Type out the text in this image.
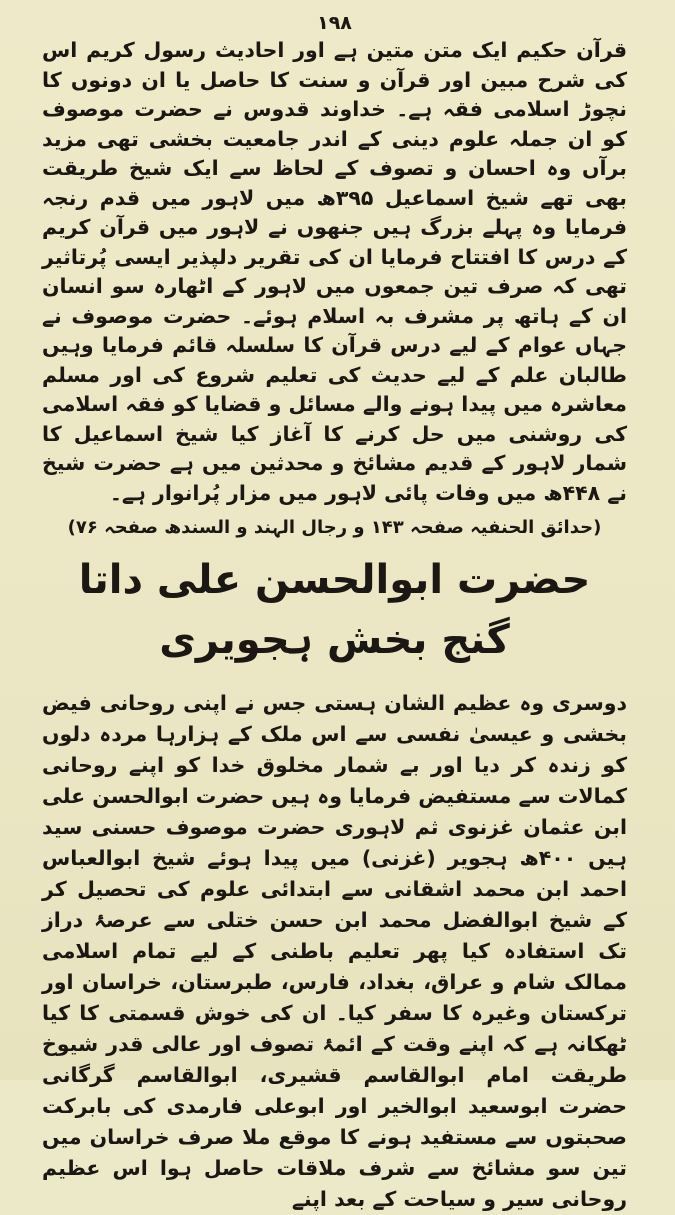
۱۹۸

قرآن حکیم ایک متن متین ہے اور احادیث رسول کریم اس کی شرح مبین اور قرآن و سنت کا حاصل یا ان دونوں کا نچوڑ اسلامی فقہ ہے۔ خداوند قدوس نے حضرت موصوف کو ان جملہ علوم دینی کے اندر جامعیت بخشی تھی مزید برآں وہ احسان و تصوف کے لحاظ سے ایک شیخ طریقت بھی تھے شیخ اسماعیل ۳۹۵ھ میں لاہور میں قدم رنجہ فرمایا وہ پہلے بزرگ ہیں جنھوں نے لاہور میں قرآن کریم کے درس کا افتتاح فرمایا ان کی تقریر دلپذیر ایسی پُرتاثیر تھی کہ صرف تین جمعوں میں لاہور کے اٹھارہ سو انسان ان کے ہاتھ پر مشرف بہ اسلام ہوئے۔ حضرت موصوف نے جہاں عوام کے لیے درس قرآن کا سلسلہ قائم فرمایا وہیں طالبان علم کے لیے حدیث کی تعلیم شروع کی اور مسلم معاشرہ میں پیدا ہونے والے مسائل و قضایا کو فقہ اسلامی کی روشنی میں حل کرنے کا آغاز کیا شیخ اسماعیل کا شمار لاہور کے قدیم مشائخ و محدثین میں ہے حضرت شیخ نے ۴۴۸ھ میں وفات پائی لاہور میں مزار پُرانوار ہے۔

(حدائق الحنفیہ صفحہ ۱۴۳ و رجال الہند و السندھ صفحہ ۷۶)
حضرت ابوالحسن علی داتا گنج بخش ہجویری

دوسری وہ عظیم الشان ہستی جس نے اپنی روحانی فیض بخشی و عیسیٰ نفسی سے اس ملک کے ہزارہا مردہ دلوں کو زندہ کر دیا اور بے شمار مخلوق خدا کو اپنے روحانی کمالات سے مستفیض فرمایا وہ ہیں حضرت ابوالحسن علی ابن عثمان غزنوی ثم لاہوری حضرت موصوف حسنی سید ہیں ۴۰۰ھ ہجویر (غزنی) میں پیدا ہوئے شیخ ابوالعباس احمد ابن محمد اشقانی سے ابتدائی علوم کی تحصیل کر کے شیخ ابوالفضل محمد ابن حسن ختلی سے عرصۂ دراز تک استفادہ کیا پھر تعلیم باطنی کے لیے تمام اسلامی ممالک شام و عراق، بغداد، فارس، طبرستان، خراسان اور ترکستان وغیرہ کا سفر کیا۔ ان کی خوش قسمتی کا کیا ٹھکانہ ہے کہ اپنے وقت کے ائمۂ تصوف اور عالی قدر شیوخ طریقت امام ابوالقاسم قشیری، ابوالقاسم گرگانی حضرت ابوسعید ابوالخیر اور ابوعلی فارمدی کی بابرکت صحبتوں سے مستفید ہونے کا موقع ملا صرف خراسان میں تین سو مشائخ سے شرف ملاقات حاصل ہوا اس عظیم روحانی سیر و سیاحت کے بعد اپنے
